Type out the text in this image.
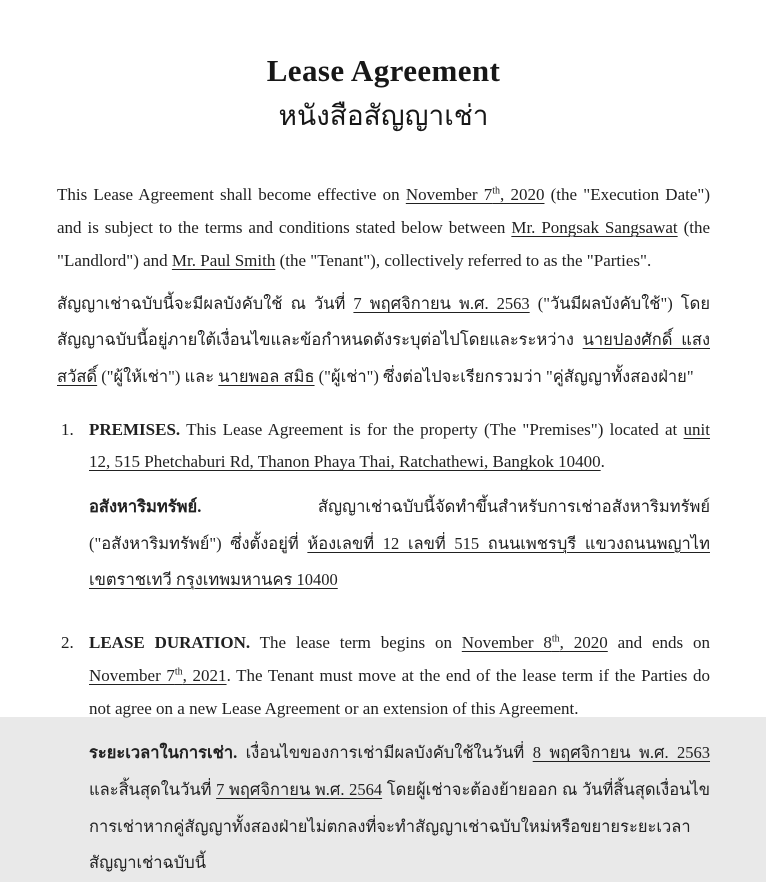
Lease Agreement
หนังสือสัญญาเช่า

This Lease Agreement shall become effective on November 7th, 2020 (the "Execution Date") and is subject to the terms and conditions stated below between Mr. Pongsak Sangsawat (the "Landlord") and Mr. Paul Smith (the "Tenant"), collectively referred to as the "Parties".

สัญญาเช่าฉบับนี้จะมีผลบังคับใช้ ณ วันที่ 7 พฤศจิกายน พ.ศ. 2563 ("วันมีผลบังคับใช้") โดยสัญญาฉบับนี้อยู่ภายใต้เงื่อนไขและข้อกำหนดดังระบุต่อไปโดยและระหว่าง นายปองศักดิ์ แสงสวัสดิ์ ("ผู้ให้เช่า") และ นายพอล สมิธ ("ผู้เช่า") ซึ่งต่อไปจะเรียกรวมว่า "คู่สัญญาทั้งสองฝ่าย"

1. PREMISES. This Lease Agreement is for the property (The "Premises") located at unit 12, 515 Phetchaburi Rd, Thanon Phaya Thai, Ratchathewi, Bangkok 10400.

อสังหาริมทรัพย์. สัญญาเช่าฉบับนี้จัดทำขึ้นสำหรับการเช่าอสังหาริมทรัพย์ ("อสังหาริมทรัพย์") ซึ่งตั้งอยู่ที่ ห้องเลขที่ 12 เลขที่ 515 ถนนเพชรบุรี แขวงถนนพญาไท เขตราชเทวี กรุงเทพมหานคร 10400

2. LEASE DURATION. The lease term begins on November 8th, 2020 and ends on November 7th, 2021. The Tenant must move at the end of the lease term if the Parties do not agree on a new Lease Agreement or an extension of this Agreement.

ระยะเวลาในการเช่า. เงื่อนไขของการเช่ามีผลบังคับใช้ในวันที่ 8 พฤศจิกายน พ.ศ. 2563 และสิ้นสุดในวันที่ 7 พฤศจิกายน พ.ศ. 2564 โดยผู้เช่าจะต้องย้ายออก ณ วันที่สิ้นสุดเงื่อนไขการเช่าหากคู่สัญญาทั้งสองฝ่ายไม่ตกลงที่จะทำสัญญาเช่าฉบับใหม่หรือขยายระยะเวลาสัญญาเช่าฉบับนี้
